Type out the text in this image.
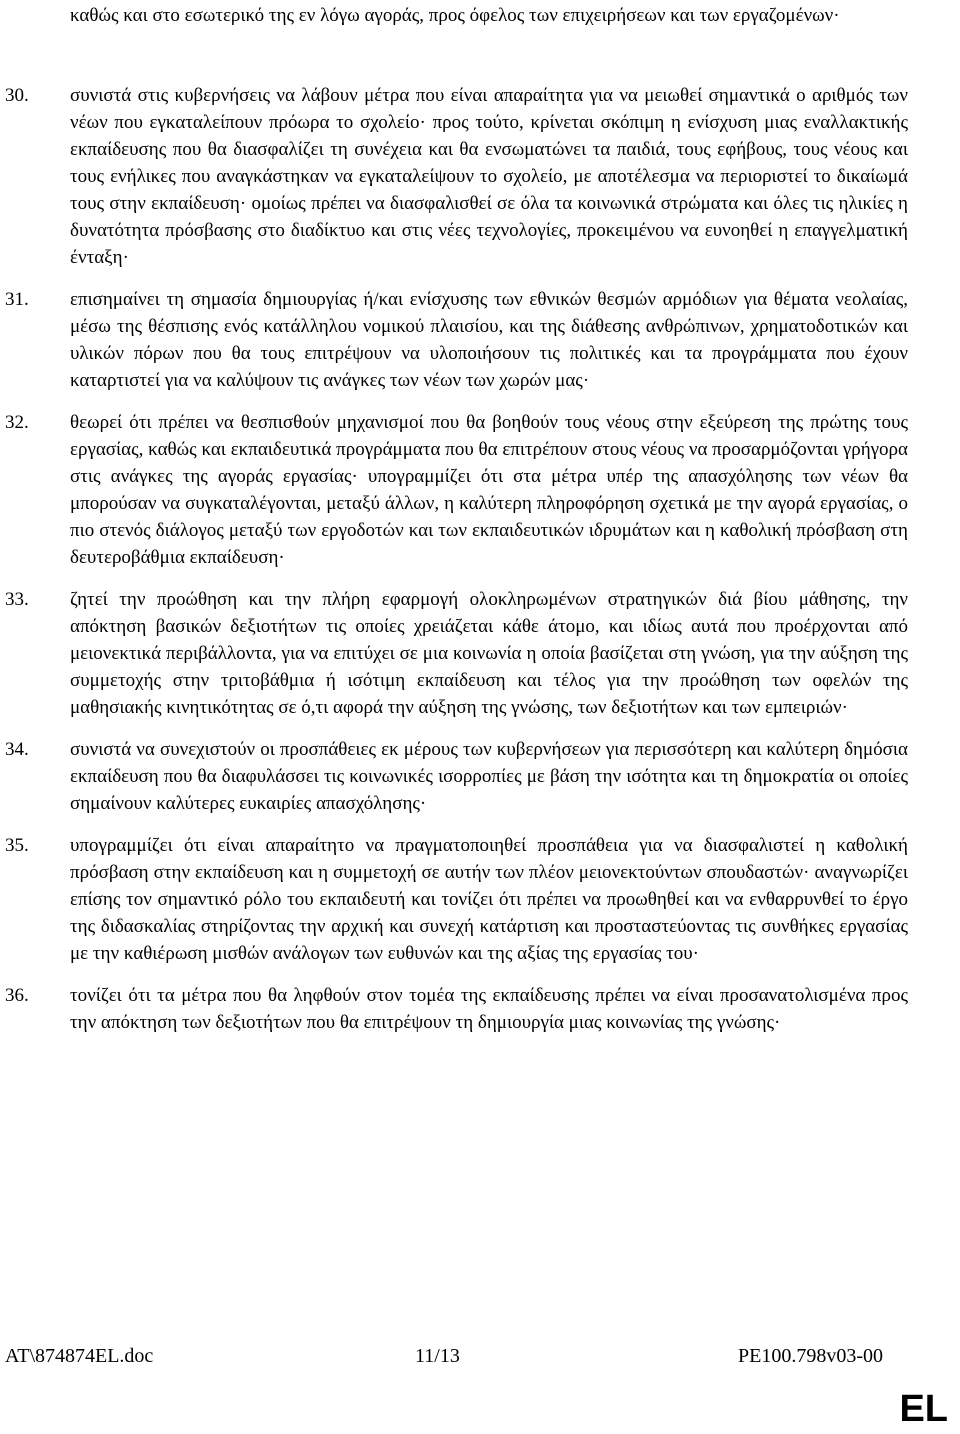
καθώς και στο εσωτερικό της εν λόγω αγοράς, προς όφελος των επιχειρήσεων και των εργαζομένων·

30. συνιστά στις κυβερνήσεις να λάβουν μέτρα που είναι απαραίτητα για να μειωθεί σημαντικά ο αριθμός των νέων που εγκαταλείπουν πρόωρα το σχολείο· προς τούτο, κρίνεται σκόπιμη η ενίσχυση μιας εναλλακτικής εκπαίδευσης που θα διασφαλίζει τη συνέχεια και θα ενσωματώνει τα παιδιά, τους εφήβους, τους νέους και τους ενήλικες που αναγκάστηκαν να εγκαταλείψουν το σχολείο, με αποτέλεσμα να περιοριστεί το δικαίωμά τους στην εκπαίδευση· ομοίως πρέπει να διασφαλισθεί σε όλα τα κοινωνικά στρώματα και όλες τις ηλικίες η δυνατότητα πρόσβασης στο διαδίκτυο και στις νέες τεχνολογίες, προκειμένου να ευνοηθεί η επαγγελματική ένταξη·

31. επισημαίνει τη σημασία δημιουργίας ή/και ενίσχυσης των εθνικών θεσμών αρμόδιων για θέματα νεολαίας, μέσω της θέσπισης ενός κατάλληλου νομικού πλαισίου, και της διάθεσης ανθρώπινων, χρηματοδοτικών και υλικών πόρων που θα τους επιτρέψουν να υλοποιήσουν τις πολιτικές και τα προγράμματα που έχουν καταρτιστεί για να καλύψουν τις ανάγκες των νέων των χωρών μας·

32. θεωρεί ότι πρέπει να θεσπισθούν μηχανισμοί που θα βοηθούν τους νέους στην εξεύρεση της πρώτης τους εργασίας, καθώς και εκπαιδευτικά προγράμματα που θα επιτρέπουν στους νέους να προσαρμόζονται γρήγορα στις ανάγκες της αγοράς εργασίας· υπογραμμίζει ότι στα μέτρα υπέρ της απασχόλησης των νέων θα μπορούσαν να συγκαταλέγονται, μεταξύ άλλων, η καλύτερη πληροφόρηση σχετικά με την αγορά εργασίας, ο πιο στενός διάλογος μεταξύ των εργοδοτών και των εκπαιδευτικών ιδρυμάτων και η καθολική πρόσβαση στη δευτεροβάθμια εκπαίδευση·

33. ζητεί την προώθηση και την πλήρη εφαρμογή ολοκληρωμένων στρατηγικών διά βίου μάθησης, την απόκτηση βασικών δεξιοτήτων τις οποίες χρειάζεται κάθε άτομο, και ιδίως αυτά που προέρχονται από μειονεκτικά περιβάλλοντα, για να επιτύχει σε μια κοινωνία η οποία βασίζεται στη γνώση, για την αύξηση της συμμετοχής στην τριτοβάθμια ή ισότιμη εκπαίδευση και τέλος για την προώθηση των οφελών της μαθησιακής κινητικότητας σε ό,τι αφορά την αύξηση της γνώσης, των δεξιοτήτων και των εμπειριών·

34. συνιστά να συνεχιστούν οι προσπάθειες εκ μέρους των κυβερνήσεων για περισσότερη και καλύτερη δημόσια εκπαίδευση που θα διαφυλάσσει τις κοινωνικές ισορροπίες με βάση την ισότητα και τη δημοκρατία οι οποίες σημαίνουν καλύτερες ευκαιρίες απασχόλησης·

35. υπογραμμίζει ότι είναι απαραίτητο να πραγματοποιηθεί προσπάθεια για να διασφαλιστεί η καθολική πρόσβαση στην εκπαίδευση και η συμμετοχή σε αυτήν των πλέον μειονεκτούντων σπουδαστών· αναγνωρίζει επίσης τον σημαντικό ρόλο του εκπαιδευτή και τονίζει ότι πρέπει να προωθηθεί και να ενθαρρυνθεί το έργο της διδασκαλίας στηρίζοντας την αρχική και συνεχή κατάρτιση και προσταστεύοντας τις συνθήκες εργασίας με την καθιέρωση μισθών ανάλογων των ευθυνών και της αξίας της εργασίας του·

36. τονίζει ότι τα μέτρα που θα ληφθούν στον τομέα της εκπαίδευσης πρέπει να είναι προσανατολισμένα προς την απόκτηση των δεξιοτήτων που θα επιτρέψουν τη δημιουργία μιας κοινωνίας της γνώσης·

AT\874874EL.doc	11/13	PE100.798v03-00
EL
